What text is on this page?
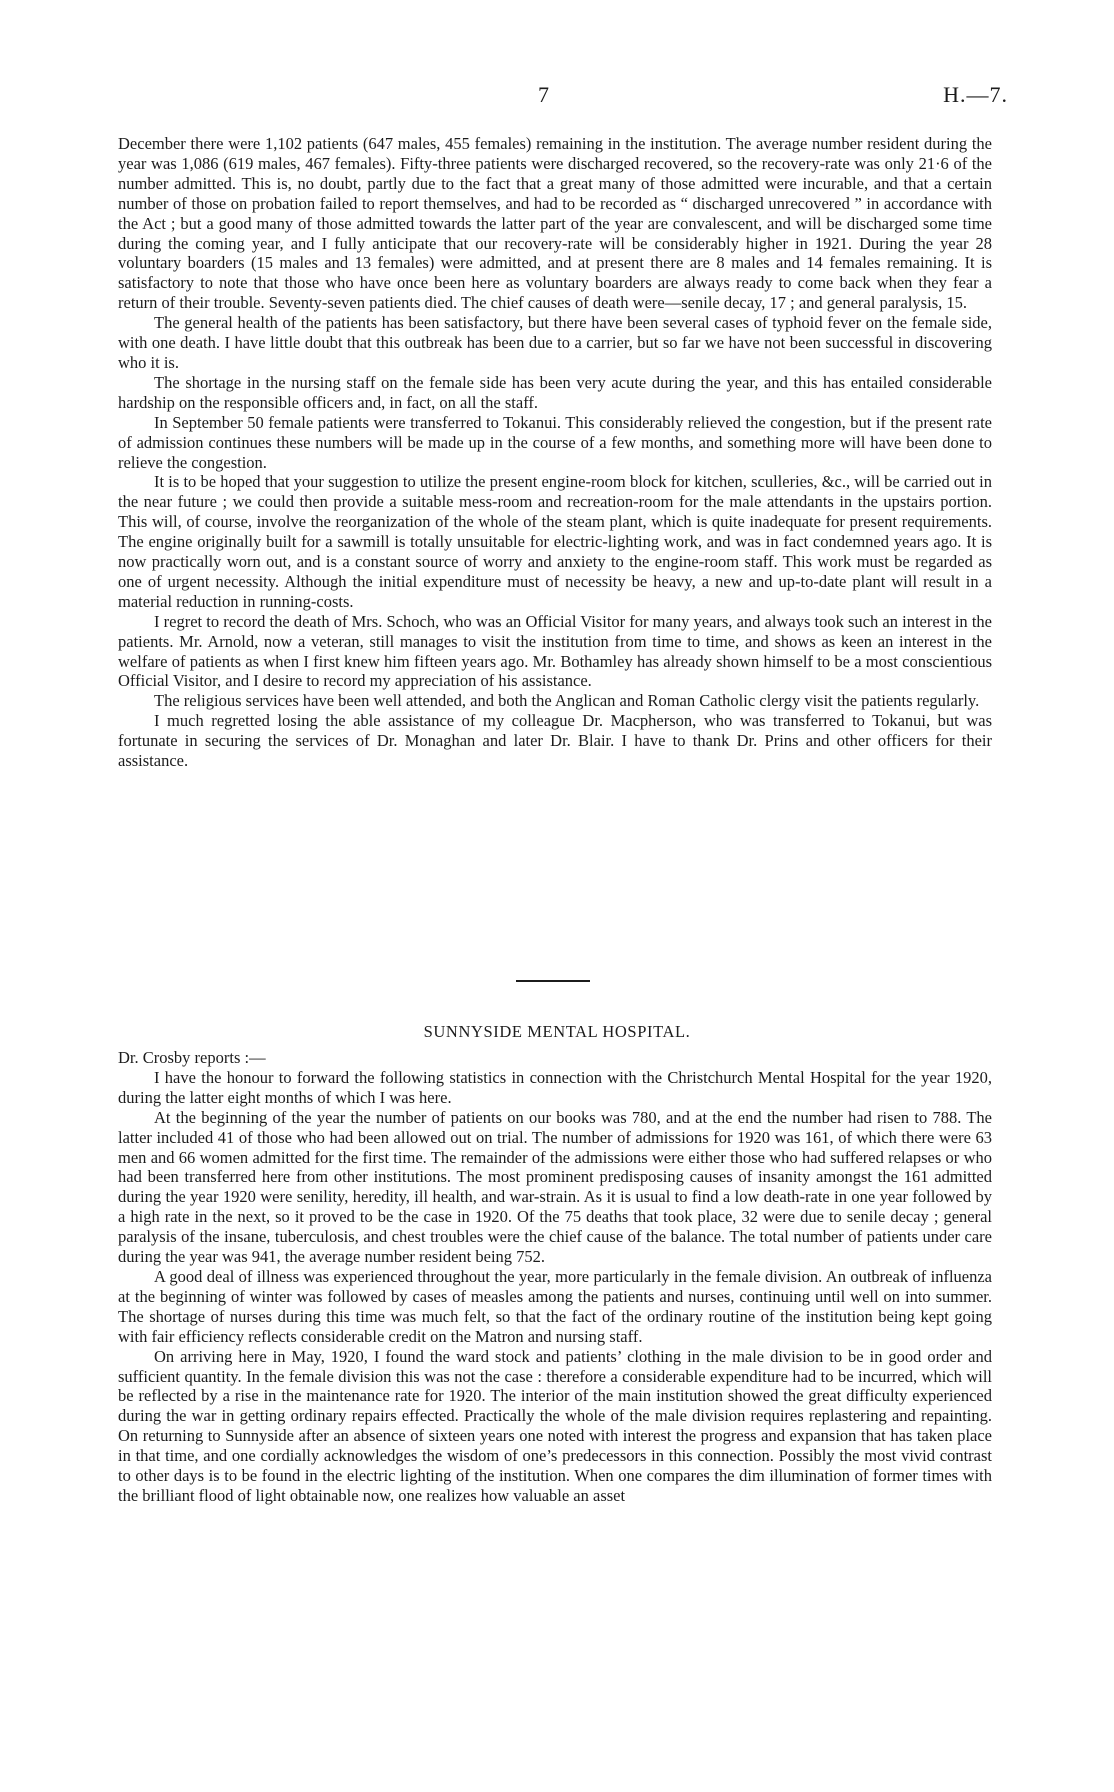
7	H.—7.

December there were 1,102 patients (647 males, 455 females) remaining in the institution. The average number resident during the year was 1,086 (619 males, 467 females). Fifty-three patients were discharged recovered, so the recovery-rate was only 21·6 of the number admitted. This is, no doubt, partly due to the fact that a great many of those admitted were incurable, and that a certain number of those on probation failed to report themselves, and had to be recorded as “ discharged unrecovered ” in accordance with the Act ; but a good many of those admitted towards the latter part of the year are convalescent, and will be discharged some time during the coming year, and I fully anticipate that our recovery-rate will be considerably higher in 1921. During the year 28 voluntary boarders (15 males and 13 females) were admitted, and at present there are 8 males and 14 females remaining. It is satisfactory to note that those who have once been here as voluntary boarders are always ready to come back when they fear a return of their trouble. Seventy-seven patients died. The chief causes of death were—senile decay, 17 ; and general paralysis, 15.

The general health of the patients has been satisfactory, but there have been several cases of typhoid fever on the female side, with one death. I have little doubt that this outbreak has been due to a carrier, but so far we have not been successful in discovering who it is.

The shortage in the nursing staff on the female side has been very acute during the year, and this has entailed considerable hardship on the responsible officers and, in fact, on all the staff.

In September 50 female patients were transferred to Tokanui. This considerably relieved the congestion, but if the present rate of admission continues these numbers will be made up in the course of a few months, and something more will have been done to relieve the congestion.

It is to be hoped that your suggestion to utilize the present engine-room block for kitchen, sculleries, &c., will be carried out in the near future ; we could then provide a suitable mess-room and recreation-room for the male attendants in the upstairs portion. This will, of course, involve the reorganization of the whole of the steam plant, which is quite inadequate for present requirements. The engine originally built for a sawmill is totally unsuitable for electric-lighting work, and was in fact condemned years ago. It is now practically worn out, and is a constant source of worry and anxiety to the engine-room staff. This work must be regarded as one of urgent necessity. Although the initial expenditure must of necessity be heavy, a new and up-to-date plant will result in a material reduction in running-costs.

I regret to record the death of Mrs. Schoch, who was an Official Visitor for many years, and always took such an interest in the patients. Mr. Arnold, now a veteran, still manages to visit the institution from time to time, and shows as keen an interest in the welfare of patients as when I first knew him fifteen years ago. Mr. Bothamley has already shown himself to be a most conscientious Official Visitor, and I desire to record my appreciation of his assistance.

The religious services have been well attended, and both the Anglican and Roman Catholic clergy visit the patients regularly.

I much regretted losing the able assistance of my colleague Dr. Macpherson, who was transferred to Tokanui, but was fortunate in securing the services of Dr. Monaghan and later Dr. Blair. I have to thank Dr. Prins and other officers for their assistance.

SUNNYSIDE MENTAL HOSPITAL.

Dr. Crosby reports :—

I have the honour to forward the following statistics in connection with the Christchurch Mental Hospital for the year 1920, during the latter eight months of which I was here.

At the beginning of the year the number of patients on our books was 780, and at the end the number had risen to 788. The latter included 41 of those who had been allowed out on trial. The number of admissions for 1920 was 161, of which there were 63 men and 66 women admitted for the first time. The remainder of the admissions were either those who had suffered relapses or who had been transferred here from other institutions. The most prominent predisposing causes of insanity amongst the 161 admitted during the year 1920 were senility, heredity, ill health, and war-strain. As it is usual to find a low death-rate in one year followed by a high rate in the next, so it proved to be the case in 1920. Of the 75 deaths that took place, 32 were due to senile decay ; general paralysis of the insane, tuberculosis, and chest troubles were the chief cause of the balance. The total number of patients under care during the year was 941, the average number resident being 752.

A good deal of illness was experienced throughout the year, more particularly in the female division. An outbreak of influenza at the beginning of winter was followed by cases of measles among the patients and nurses, continuing until well on into summer. The shortage of nurses during this time was much felt, so that the fact of the ordinary routine of the institution being kept going with fair efficiency reflects considerable credit on the Matron and nursing staff.

On arriving here in May, 1920, I found the ward stock and patients’ clothing in the male division to be in good order and sufficient quantity. In the female division this was not the case : therefore a considerable expenditure had to be incurred, which will be reflected by a rise in the maintenance rate for 1920. The interior of the main institution showed the great difficulty experienced during the war in getting ordinary repairs effected. Practically the whole of the male division requires replastering and repainting. On returning to Sunnyside after an absence of sixteen years one noted with interest the progress and expansion that has taken place in that time, and one cordially acknowledges the wisdom of one’s predecessors in this connection. Possibly the most vivid contrast to other days is to be found in the electric lighting of the institution. When one compares the dim illumination of former times with the brilliant flood of light obtainable now, one realizes how valuable an asset
